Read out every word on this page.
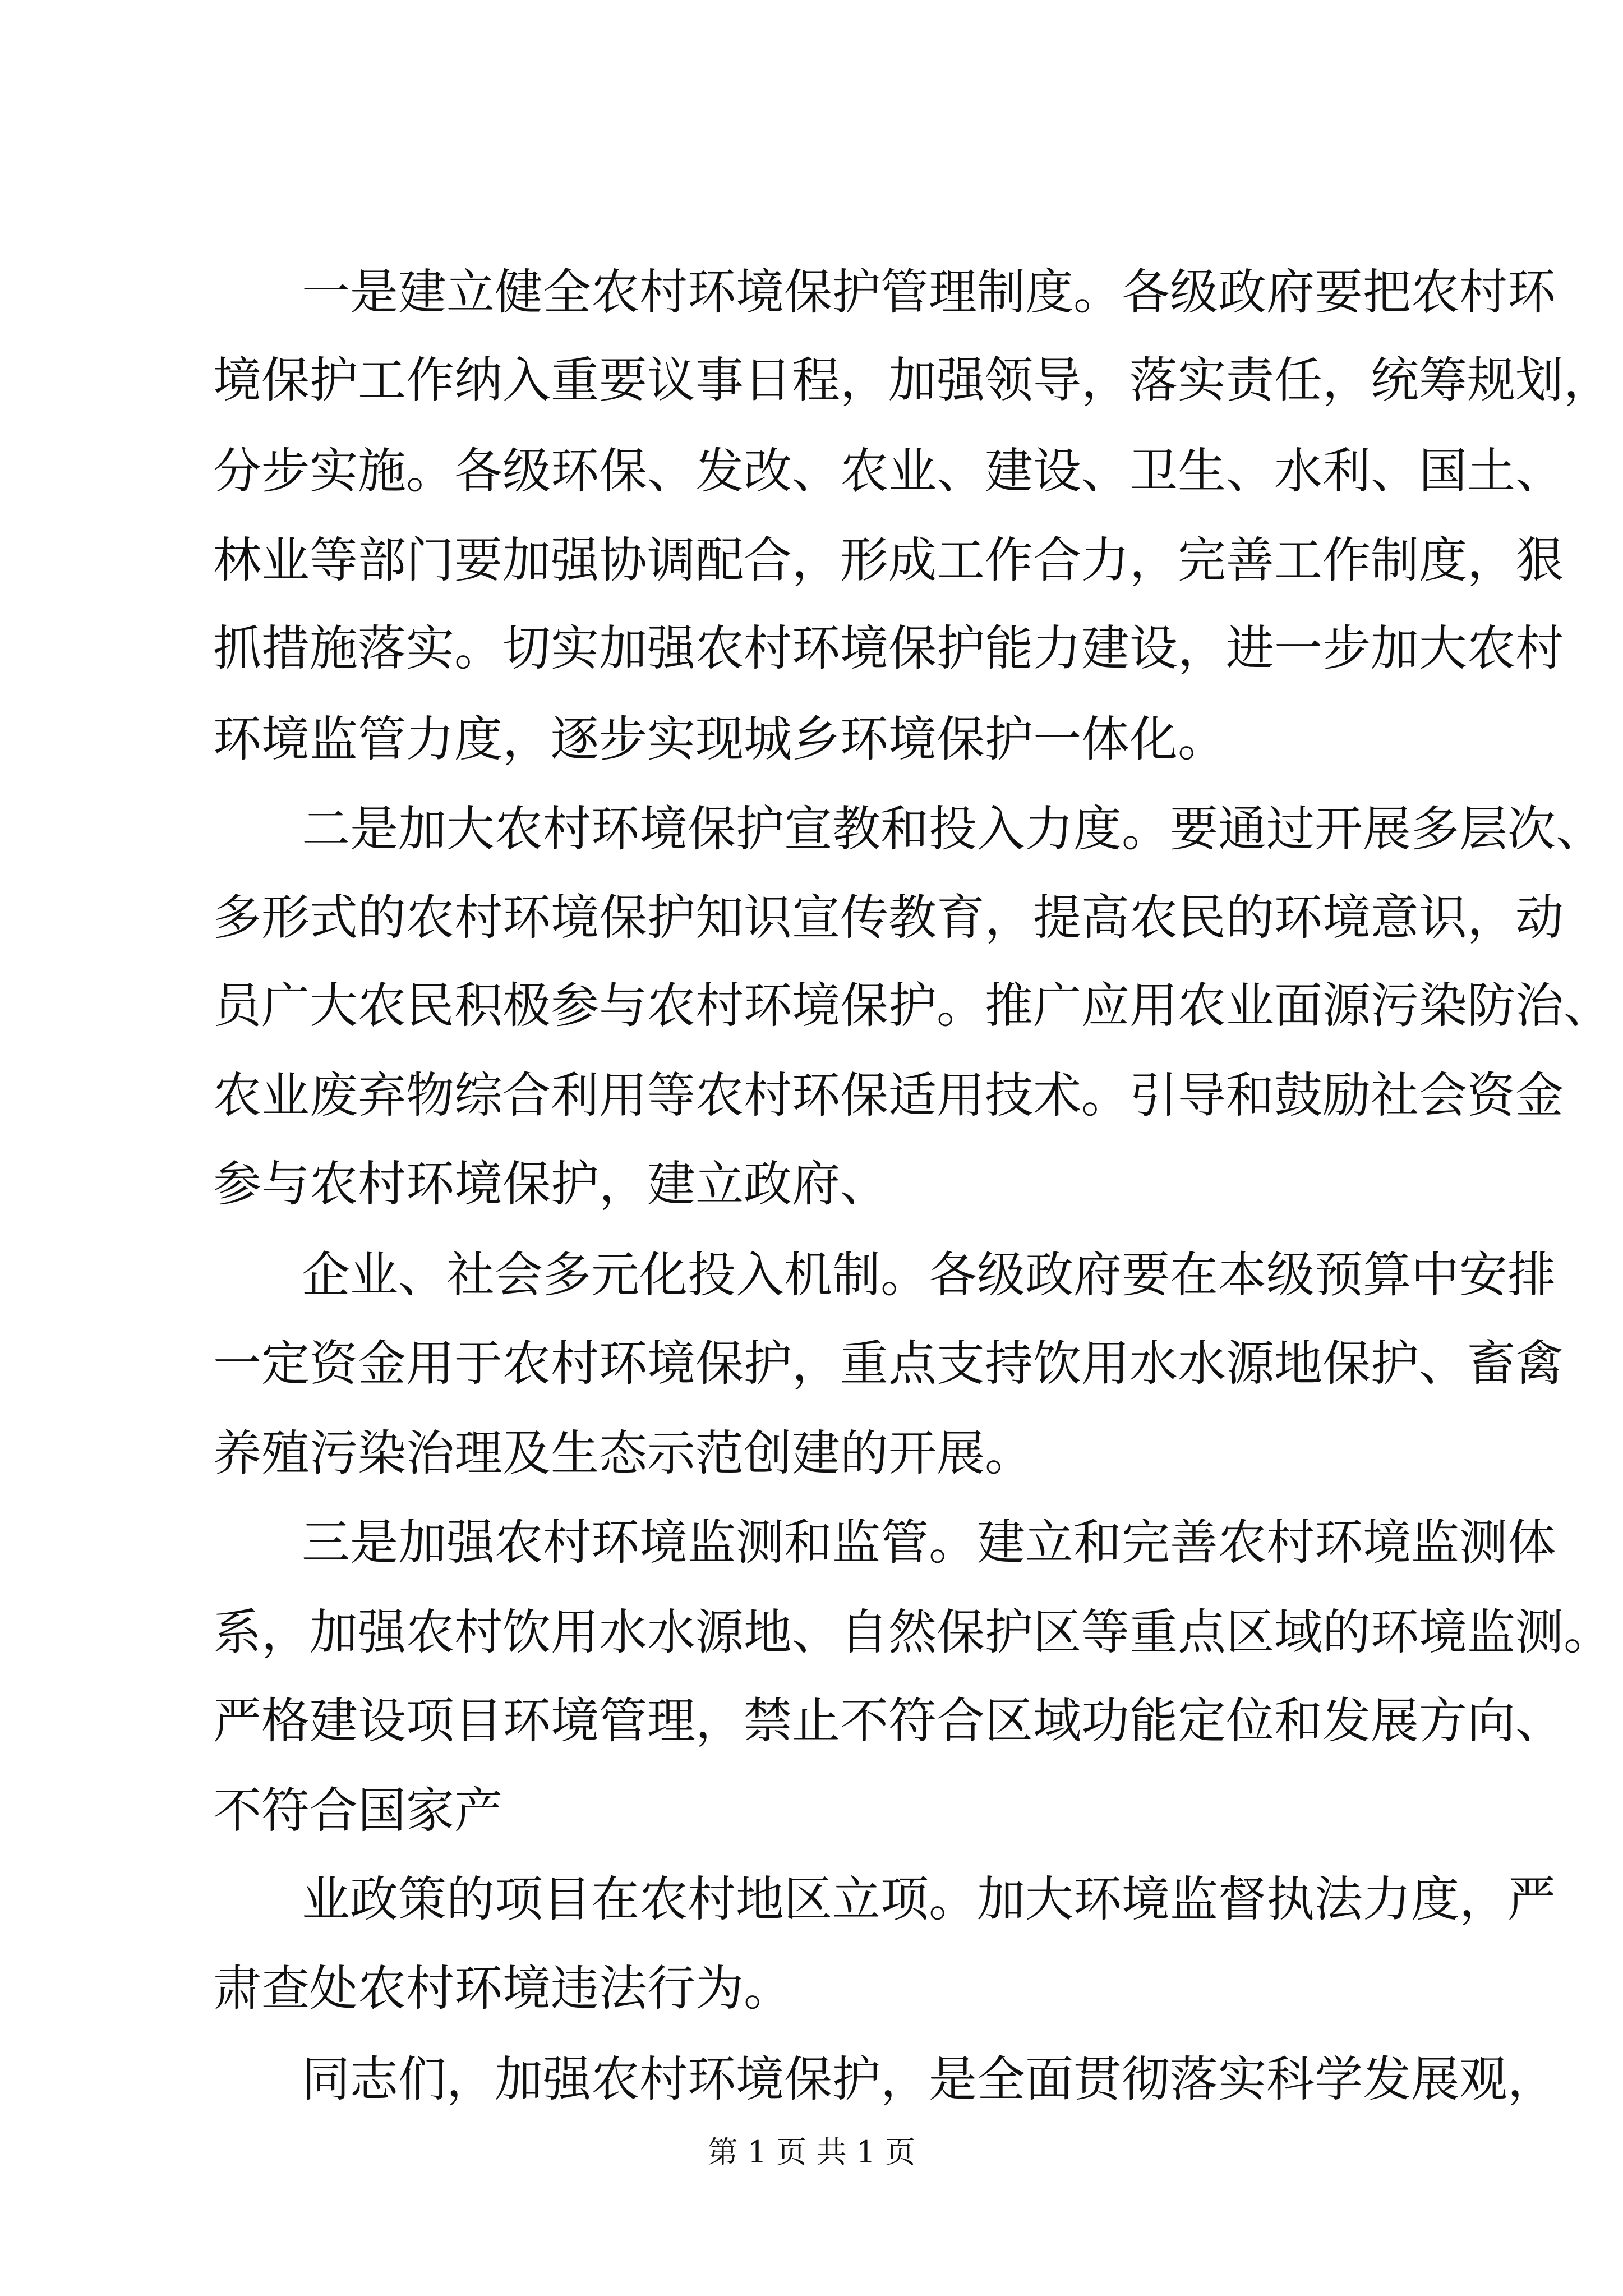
一是建立健全农村环境保护管理制度。各级政府要把农村环

境保护工作纳入重要议事日程，加强领导，落实责任，统筹规划，

分步实施。各级环保、发改、农业、建设、卫生、水利、国土、

林业等部门要加强协调配合，形成工作合力，完善工作制度，狠

抓措施落实。切实加强农村环境保护能力建设，进一步加大农村

环境监管力度，逐步实现城乡环境保护一体化。

二是加大农村环境保护宣教和投入力度。要通过开展多层次、

多形式的农村环境保护知识宣传教育，提高农民的环境意识，动

员广大农民积极参与农村环境保护。推广应用农业面源污染防治、

农业废弃物综合利用等农村环保适用技术。引导和鼓励社会资金

参与农村环境保护，建立政府、

企业、社会多元化投入机制。各级政府要在本级预算中安排

一定资金用于农村环境保护，重点支持饮用水水源地保护、畜禽

养殖污染治理及生态示范创建的开展。

三是加强农村环境监测和监管。建立和完善农村环境监测体

系，加强农村饮用水水源地、自然保护区等重点区域的环境监测。

严格建设项目环境管理，禁止不符合区域功能定位和发展方向、

不符合国家产

业政策的项目在农村地区立项。加大环境监督执法力度，严

肃查处农村环境违法行为。

同志们，加强农村环境保护，是全面贯彻落实科学发展观，

第 1 页 共 1 页
